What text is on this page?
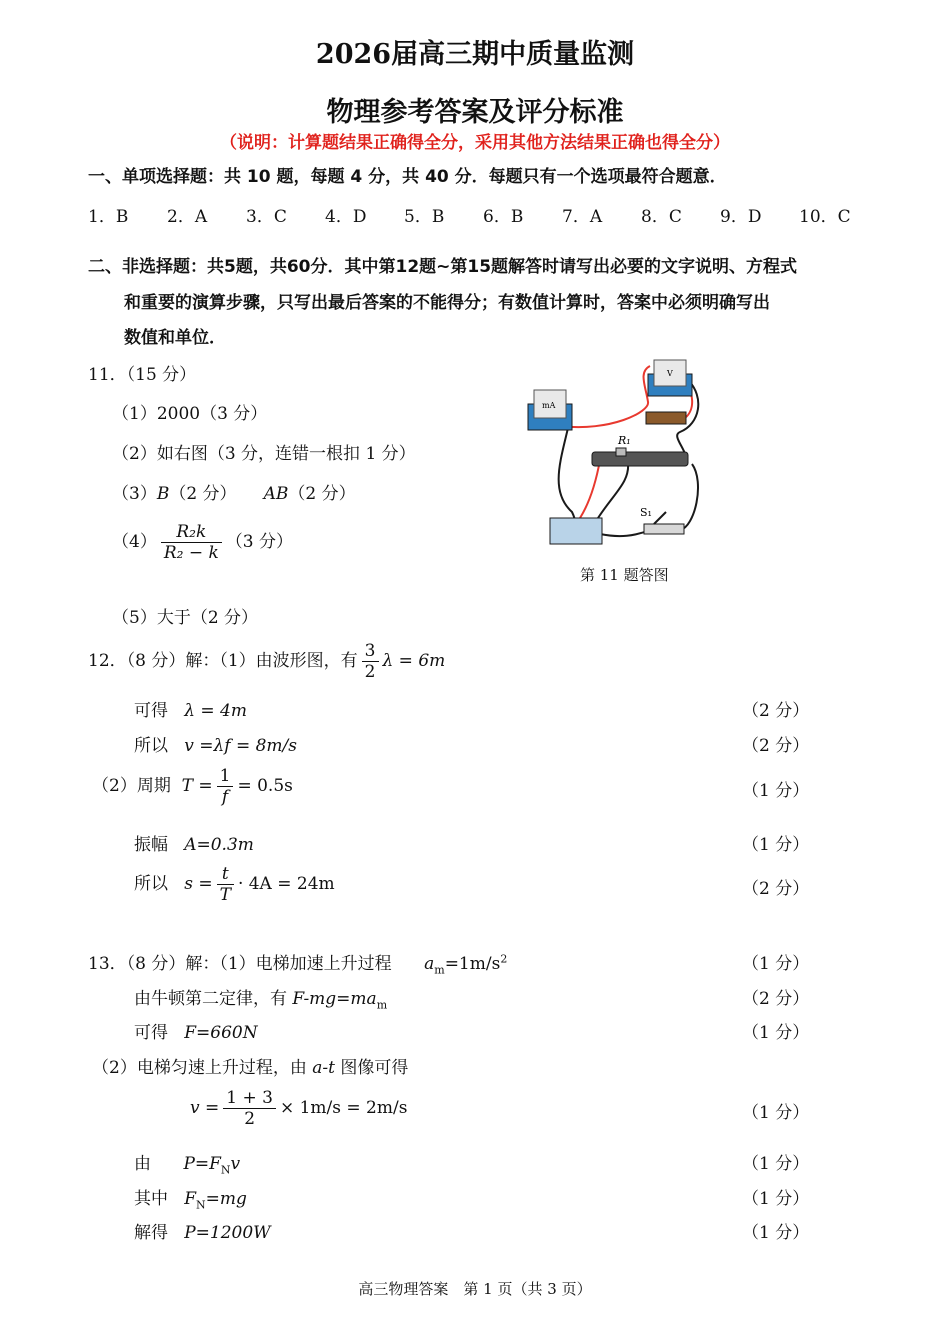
2026届高三期中质量监测
物理参考答案及评分标准
（说明：计算题结果正确得全分，采用其他方法结果正确也得全分）
一、单项选择题：共 10 题，每题 4 分，共 40 分．每题只有一个选项最符合题意．
1．B 2．A 3．C 4．D 5．B 6．B 7．A 8．C 9．D 10．C
二、非选择题：共5题，共60分．其中第12题~第15题解答时请写出必要的文字说明、方程式
和重要的演算步骤，只写出最后答案的不能得分；有数值计算时，答案中必须明确写出
数值和单位．
11．（15 分）
（1）2000（3 分）
（2）如右图（3 分，连错一根扣 1 分）
（3）B（2 分） AB（2 分）
$(4) \frac{\text{R₂k}}{\text{R₂ − k}} (3$ 分）
（5）大于（2 分）
mA
V
R₁
S₁
第 11 题答图
12．（8 分）解：（1）由波形图，有 $\frac{3}{2}$ λ = 6m
可得 λ = 4m	（2 分）
所以 v =λf = 8m/s	（2 分）
（2）周期 $T = \frac{1}{f} = 0.5s$	（1 分）
振幅 A=0.3m	（1 分）
所以 $s = \frac{t}{T} \cdot 4A = 24m$	（2 分）
13．（8 分）解：（1）电梯加速上升过程 $a_m=1m/s^2$	（1 分）
由牛顿第二定律，有 $F-mg=ma_m$	（2 分）
可得 F=660N	（1 分）
（2）电梯匀速上升过程，由 a-t 图像可得
$v = \frac{1 + 3}{2} \times 1m/s = 2m/s$	（1 分）
由 $P=F_Nv$	（1 分）
其中 $F_N=mg$	（1 分）
解得 P=1200W	（1 分）
高三物理答案　第 1 页（共 3 页）
